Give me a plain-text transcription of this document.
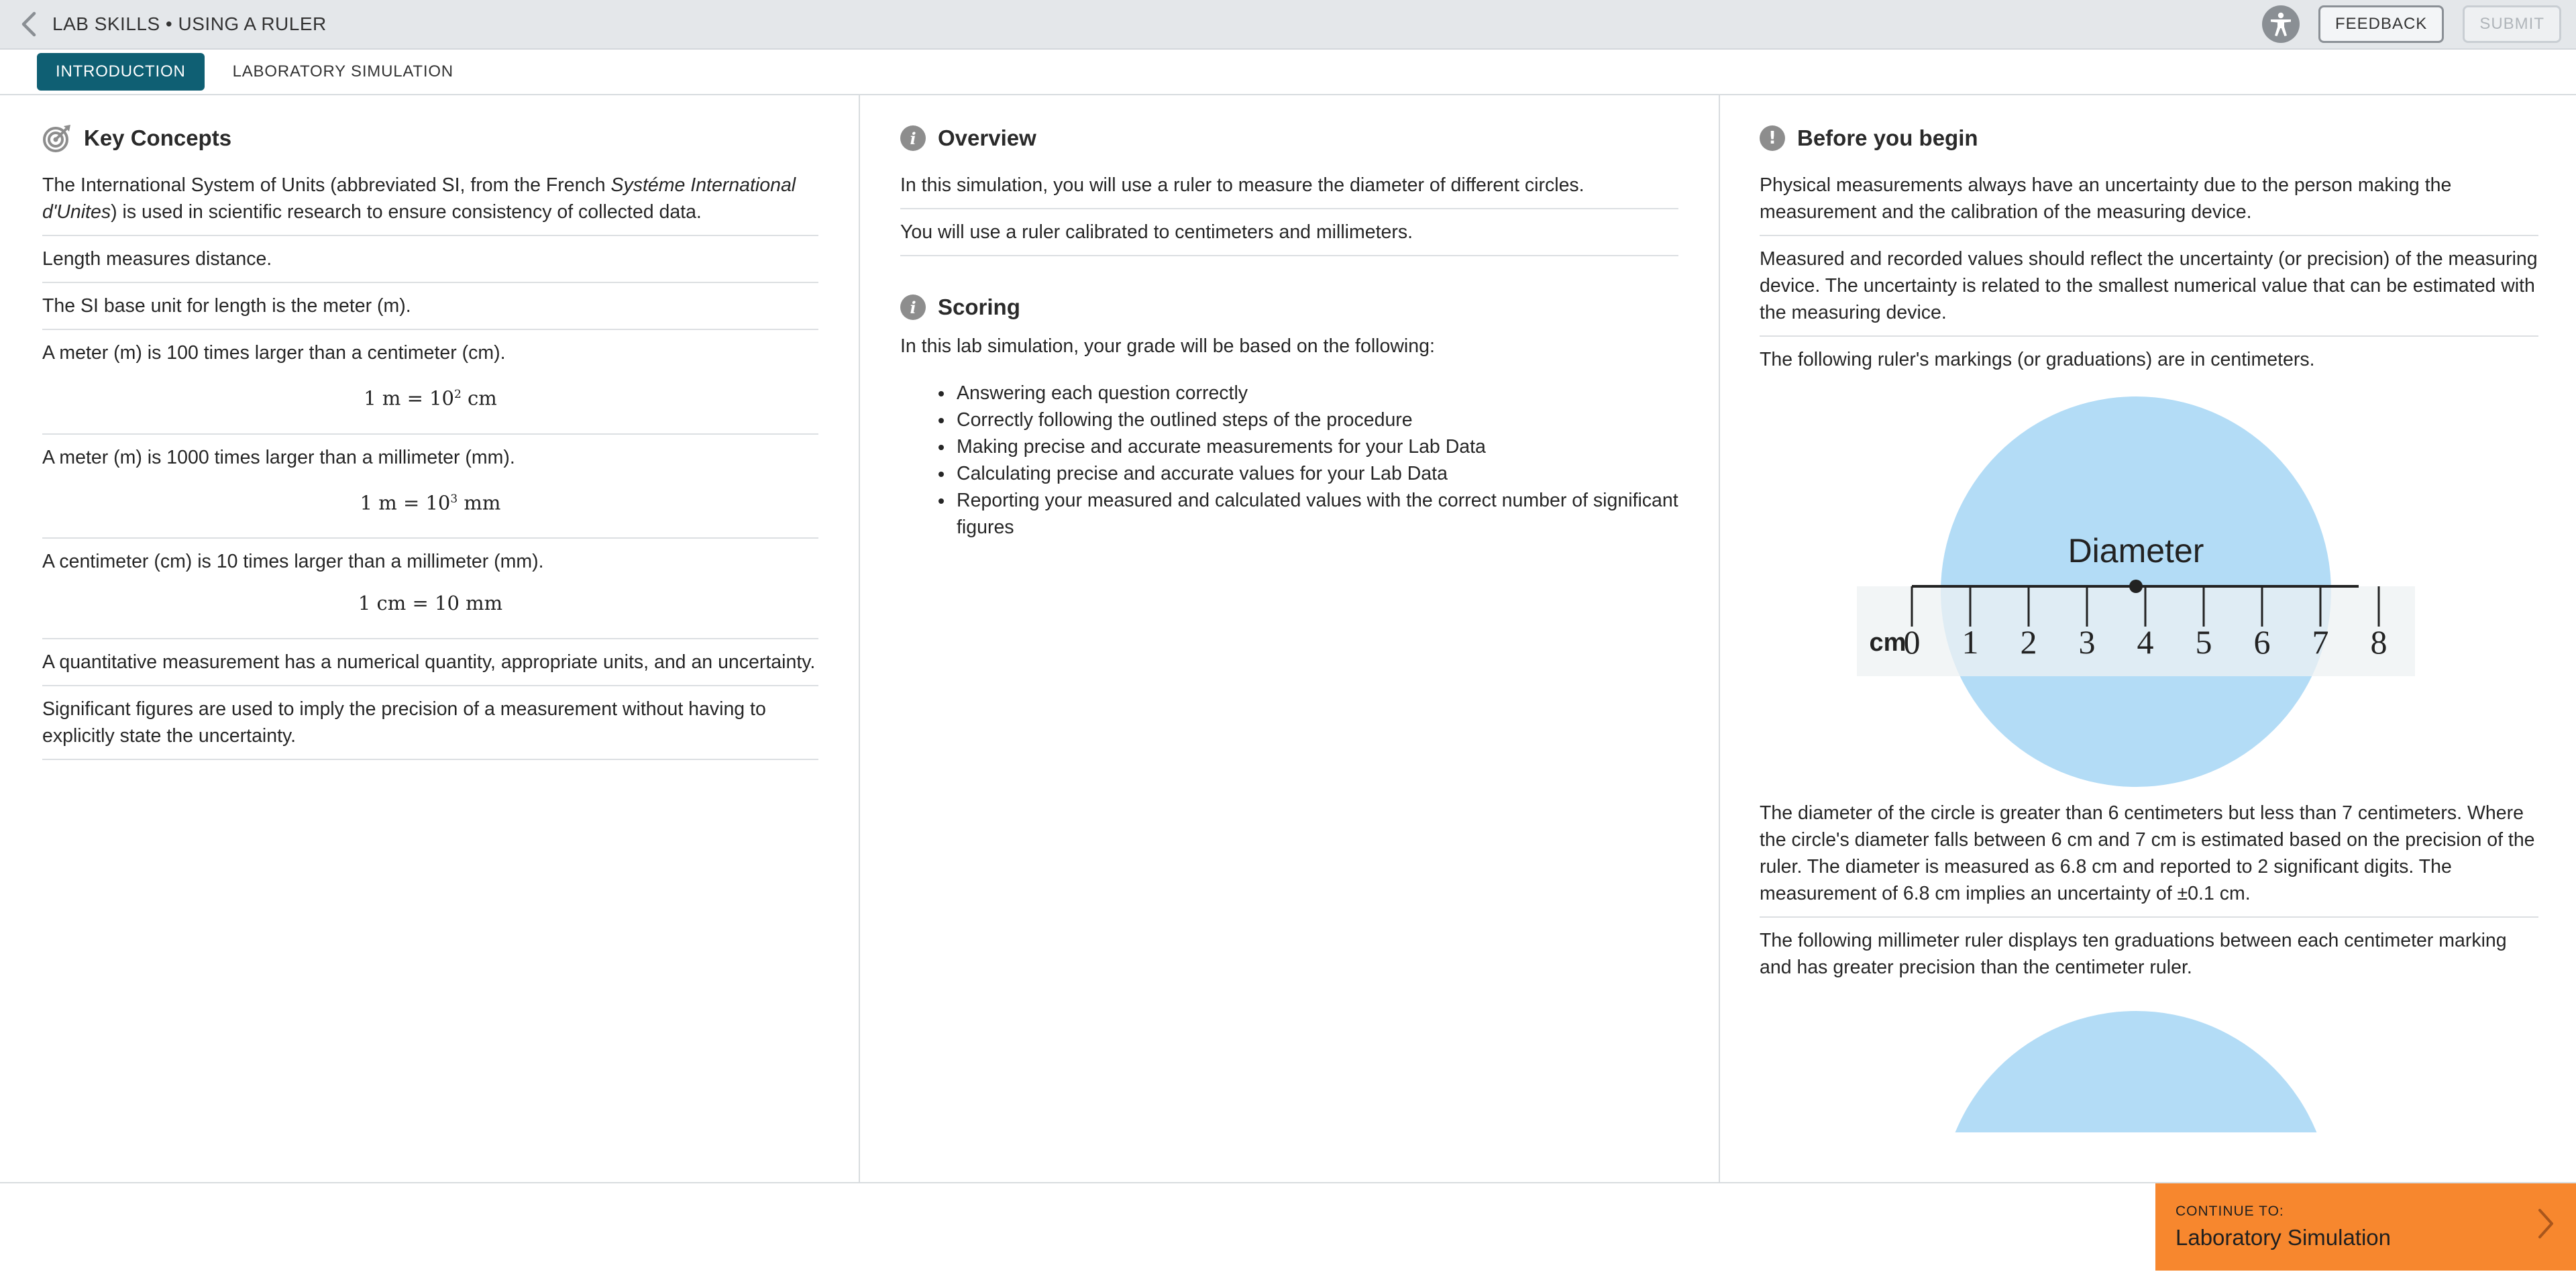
LAB SKILLS • USING A RULER	FEEDBACK	SUBMIT
INTRODUCTION	LABORATORY SIMULATION
Key Concepts
The International System of Units (abbreviated SI, from the French Systéme International d'Unites) is used in scientific research to ensure consistency of collected data.
Length measures distance.
The SI base unit for length is the meter (m).
A meter (m) is 100 times larger than a centimeter (cm).
1 $m = 10^2$ cm
A meter (m) is 1000 times larger than a millimeter (mm).
1 $m = 10^3$ mm
A centimeter (cm) is 10 times larger than a millimeter (mm).
1 cm = 10 mm
A quantitative measurement has a numerical quantity, appropriate units, and an uncertainty.
Significant figures are used to imply the precision of a measurement without having to explicitly state the uncertainty.
i Overview
In this simulation, you will use a ruler to measure the diameter of different circles.
You will use a ruler calibrated to centimeters and millimeters.
i Scoring
In this lab simulation, your grade will be based on the following:
• Answering each question correctly
• Correctly following the outlined steps of the procedure
• Making precise and accurate measurements for your Lab Data
• Calculating precise and accurate values for your Lab Data
• Reporting your measured and calculated values with the correct number of significant figures
! Before you begin
Physical measurements always have an uncertainty due to the person making the measurement and the calibration of the measuring device.
Measured and recorded values should reflect the uncertainty (or precision) of the measuring device. The uncertainty is related to the smallest numerical value that can be estimated with the measuring device.
The following ruler's markings (or graduations) are in centimeters.
Diameter
cm
0 1 2 3 4 5 6 7 8
The diameter of the circle is greater than 6 centimeters but less than 7 centimeters. Where the circle's diameter falls between 6 cm and 7 cm is estimated based on the precision of the ruler. The diameter is measured as 6.8 cm and reported to 2 significant digits. The measurement of 6.8 cm implies an uncertainty of ±0.1 cm.
The following millimeter ruler displays ten graduations between each centimeter marking and has greater precision than the centimeter ruler.
CONTINUE TO:
Laboratory Simulation
